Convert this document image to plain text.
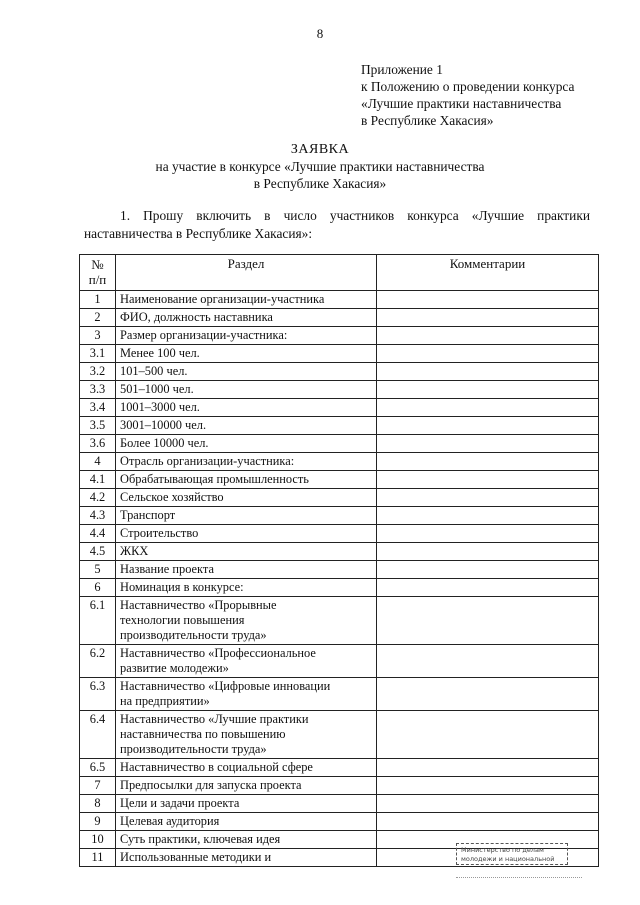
8
Приложение 1
к Положению о проведении конкурса
«Лучшие практики наставничества
в Республике Хакасия»
ЗАЯВКА
на участие в конкурсе «Лучшие практики наставничества
в Республике Хакасия»
1. Прошу включить в число участников конкурса «Лучшие практики
наставничества в Республике Хакасия»:
№
п/п	Раздел	Комментарии
1	Наименование организации-участника	

2	ФИО, должность наставника	

3	Размер организации-участника:	

3.1	Менее 100 чел.	

3.2	101–500 чел.	

3.3	501–1000 чел.	

3.4	1001–3000 чел.	

3.5	3001–10000 чел.	

3.6	Более 10000 чел.	

4	Отрасль организации-участника:	

4.1	Обрабатывающая промышленность	

4.2	Сельское хозяйство	

4.3	Транспорт	

4.4	Строительство	

4.5	ЖКХ	

5	Название проекта	

6	Номинация в конкурсе:	

6.1	Наставничество «Прорывные
технологии повышения
производительности труда»	

6.2	Наставничество «Профессиональное
развитие молодежи»	

6.3	Наставничество «Цифровые инновации
на предприятии»	

6.4	Наставничество «Лучшие практики
наставничества по повышению
производительности труда»	

6.5	Наставничество в социальной сфере	

7	Предпосылки для запуска проекта	

8	Цели и задачи проекта	

9	Целевая аудитория	

10	Суть практики, ключевая идея	

11	Использованные методики и	
		Министерство по делам
молодежи и национальной
